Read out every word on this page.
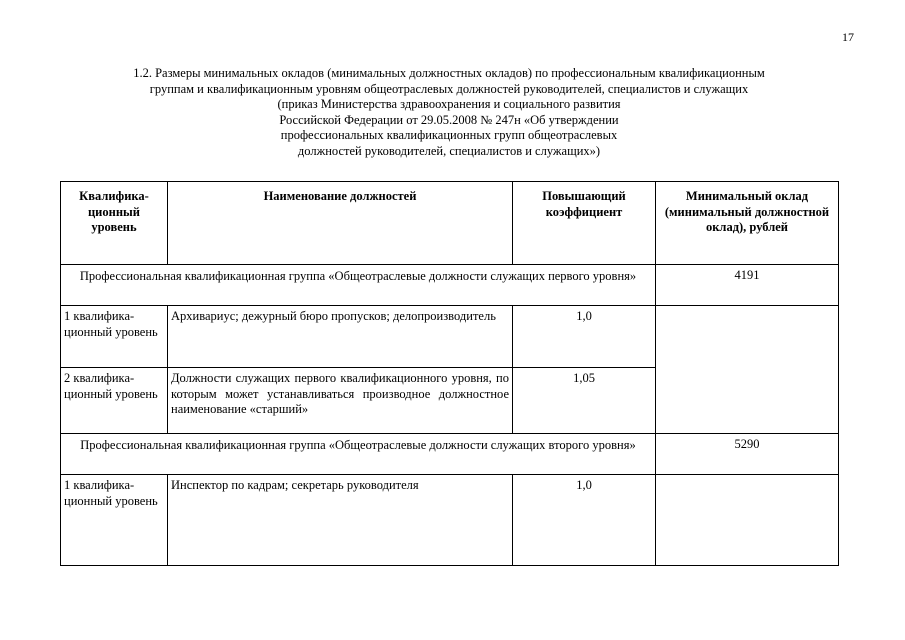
17
1.2. Размеры минимальных окладов (минимальных должностных окладов) по профессиональным квалификационным
группам и квалификационным уровням общеотраслевых должностей руководителей, специалистов и служащих
(приказ Министерства здравоохранения и социального развития
Российской Федерации от 29.05.2008 № 247н «Об утверждении
профессиональных квалификационных групп общеотраслевых
должностей руководителей, специалистов и служащих»)
Квалифика-ционный уровень	Наименование должностей	Повышающий коэффициент	Минимальный оклад (минимальный должностной оклад), рублей
Профессиональная квалификационная группа «Общеотраслевые должности служащих первого уровня»			4191
1 квалифика-ционный уровень	Архивариус; дежурный бюро пропусков; делопроизводитель	1,0	
2 квалифика-ционный уровень	Должности служащих первого квалификационного уровня, по которым может устанавливаться производное должностное наименование «старший»	1,05	
Профессиональная квалификационная группа «Общеотраслевые должности служащих второго уровня»			5290
1 квалифика-ционный уровень	Инспектор по кадрам; секретарь руководителя	1,0	
